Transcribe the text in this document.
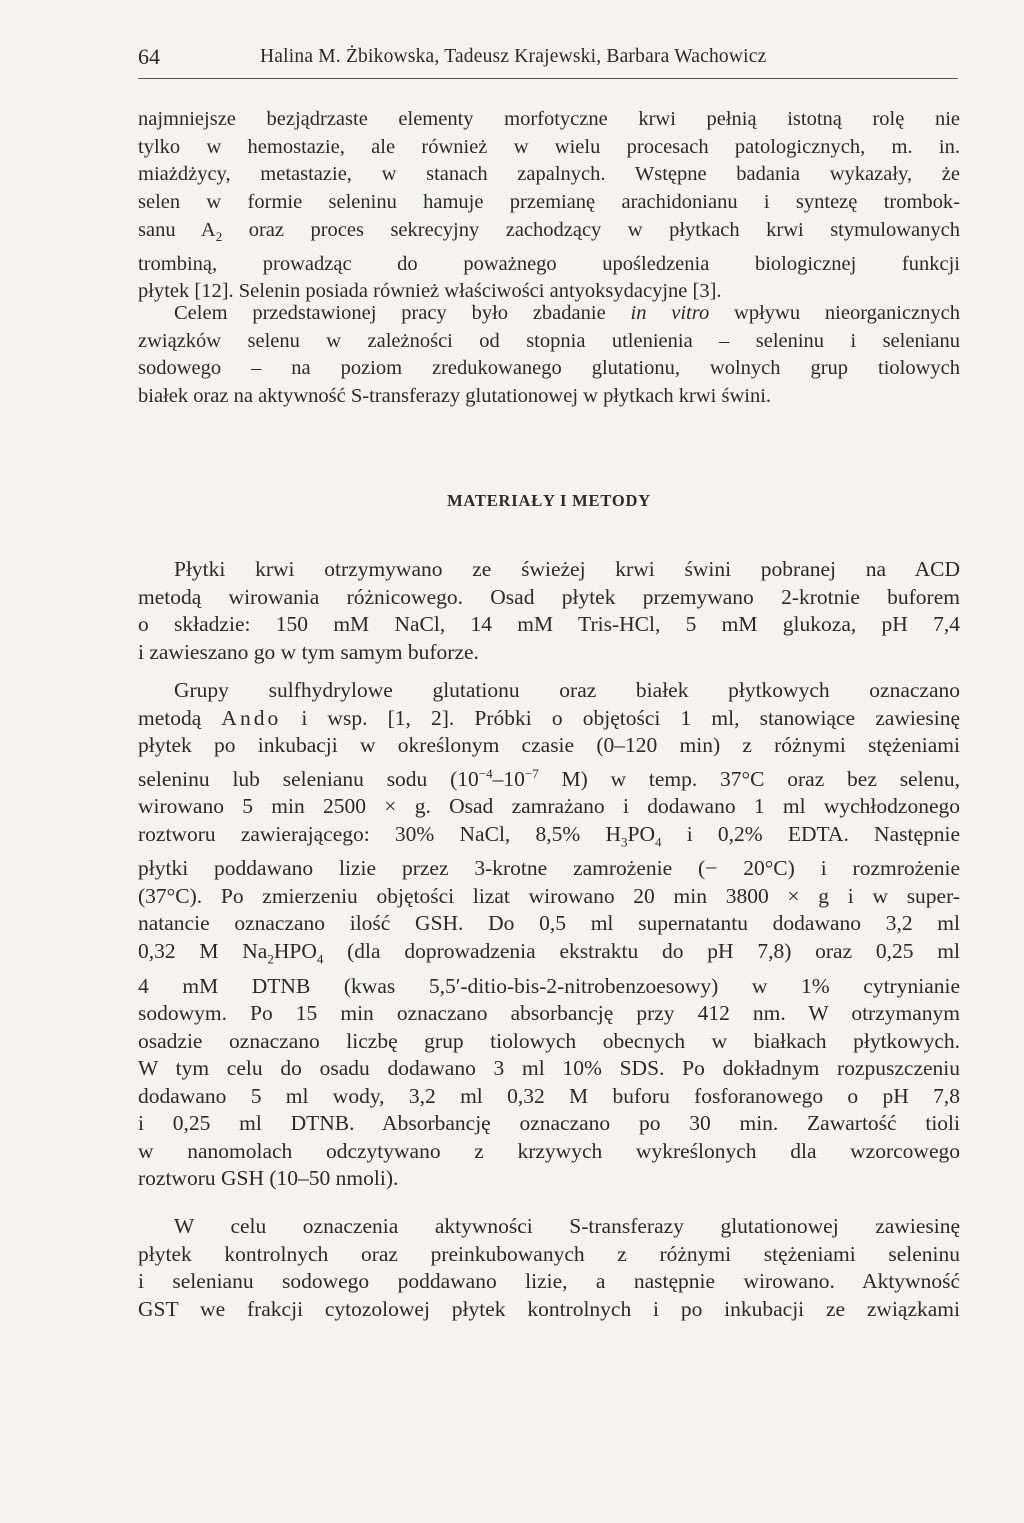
64	Halina M. Żbikowska, Tadeusz Krajewski, Barbara Wachowicz

najmniejsze bezjądrzaste elementy morfotyczne krwi pełnią istotną rolę nie
tylko w hemostazie, ale również w wielu procesach patologicznych, m. in.
miażdżycy, metastazie, w stanach zapalnych. Wstępne badania wykazały, że
selen w formie seleninu hamuje przemianę arachidonianu i syntezę trombok-
sanu $A_2$ oraz proces sekrecyjny zachodzący w płytkach krwi stymulowanych
trombiną, prowadząc do poważnego upośledzenia biologicznej funkcji
płytek [12]. Selenin posiada również właściwości antyoksydacyjne [3].

Celem przedstawionej pracy było zbadanie in vitro wpływu nieorganicznych
związków selenu w zależności od stopnia utlenienia – seleninu i selenianu
sodowego – na poziom zredukowanego glutationu, wolnych grup tiolowych
białek oraz na aktywność S-transferazy glutationowej w płytkach krwi świni.

MATERIAŁY I METODY

Płytki krwi otrzymywano ze świeżej krwi świni pobranej na ACD
metodą wirowania różnicowego. Osad płytek przemywano 2-krotnie buforem
o składzie: 150 mM NaCl, 14 mM Tris-HCl, 5 mM glukoza, pH 7,4
i zawieszano go w tym samym buforze.

Grupy sulfhydrylowe glutationu oraz białek płytkowych oznaczano
metodą Ando i wsp. [1, 2]. Próbki o objętości 1 ml, stanowiące zawiesinę
płytek po inkubacji w określonym czasie (0–120 min) z różnymi stężeniami
seleninu lub selenianu sodu ($10^{-4}-10^{-7}$ M) w temp. 37°C oraz bez selenu,
wirowano 5 min 2500 × g. Osad zamrażano i dodawano 1 ml wychłodzonego
roztworu zawierającego: 30% NaCl, 8,5% $H_3PO_4$ i 0,2% EDTA. Następnie
płytki poddawano lizie przez 3-krotne zamrożenie (− 20°C) i rozmrożenie
(37°C). Po zmierzeniu objętości lizat wirowano 20 min 3800 × g i w super-
natancie oznaczano ilość GSH. Do 0,5 ml supernatantu dodawano 3,2 ml
0,32 M $Na_2HPO_4$ (dla doprowadzenia ekstraktu do pH 7,8) oraz 0,25 ml
4 mM DTNB (kwas 5,5′-ditio-bis-2-nitrobenzoesowy) w 1% cytrynianie
sodowym. Po 15 min oznaczano absorbancję przy 412 nm. W otrzymanym
osadzie oznaczano liczbę grup tiolowych obecnych w białkach płytkowych.
W tym celu do osadu dodawano 3 ml 10% SDS. Po dokładnym rozpuszczeniu
dodawano 5 ml wody, 3,2 ml 0,32 M buforu fosforanowego o pH 7,8
i 0,25 ml DTNB. Absorbancję oznaczano po 30 min. Zawartość tioli
w nanomolach odczytywano z krzywych wykreślonych dla wzorcowego
roztworu GSH (10–50 nmoli).

W celu oznaczenia aktywności S-transferazy glutationowej zawiesinę
płytek kontrolnych oraz preinkubowanych z różnymi stężeniami seleninu
i selenianu sodowego poddawano lizie, a następnie wirowano. Aktywność
GST we frakcji cytozolowej płytek kontrolnych i po inkubacji ze związkami
